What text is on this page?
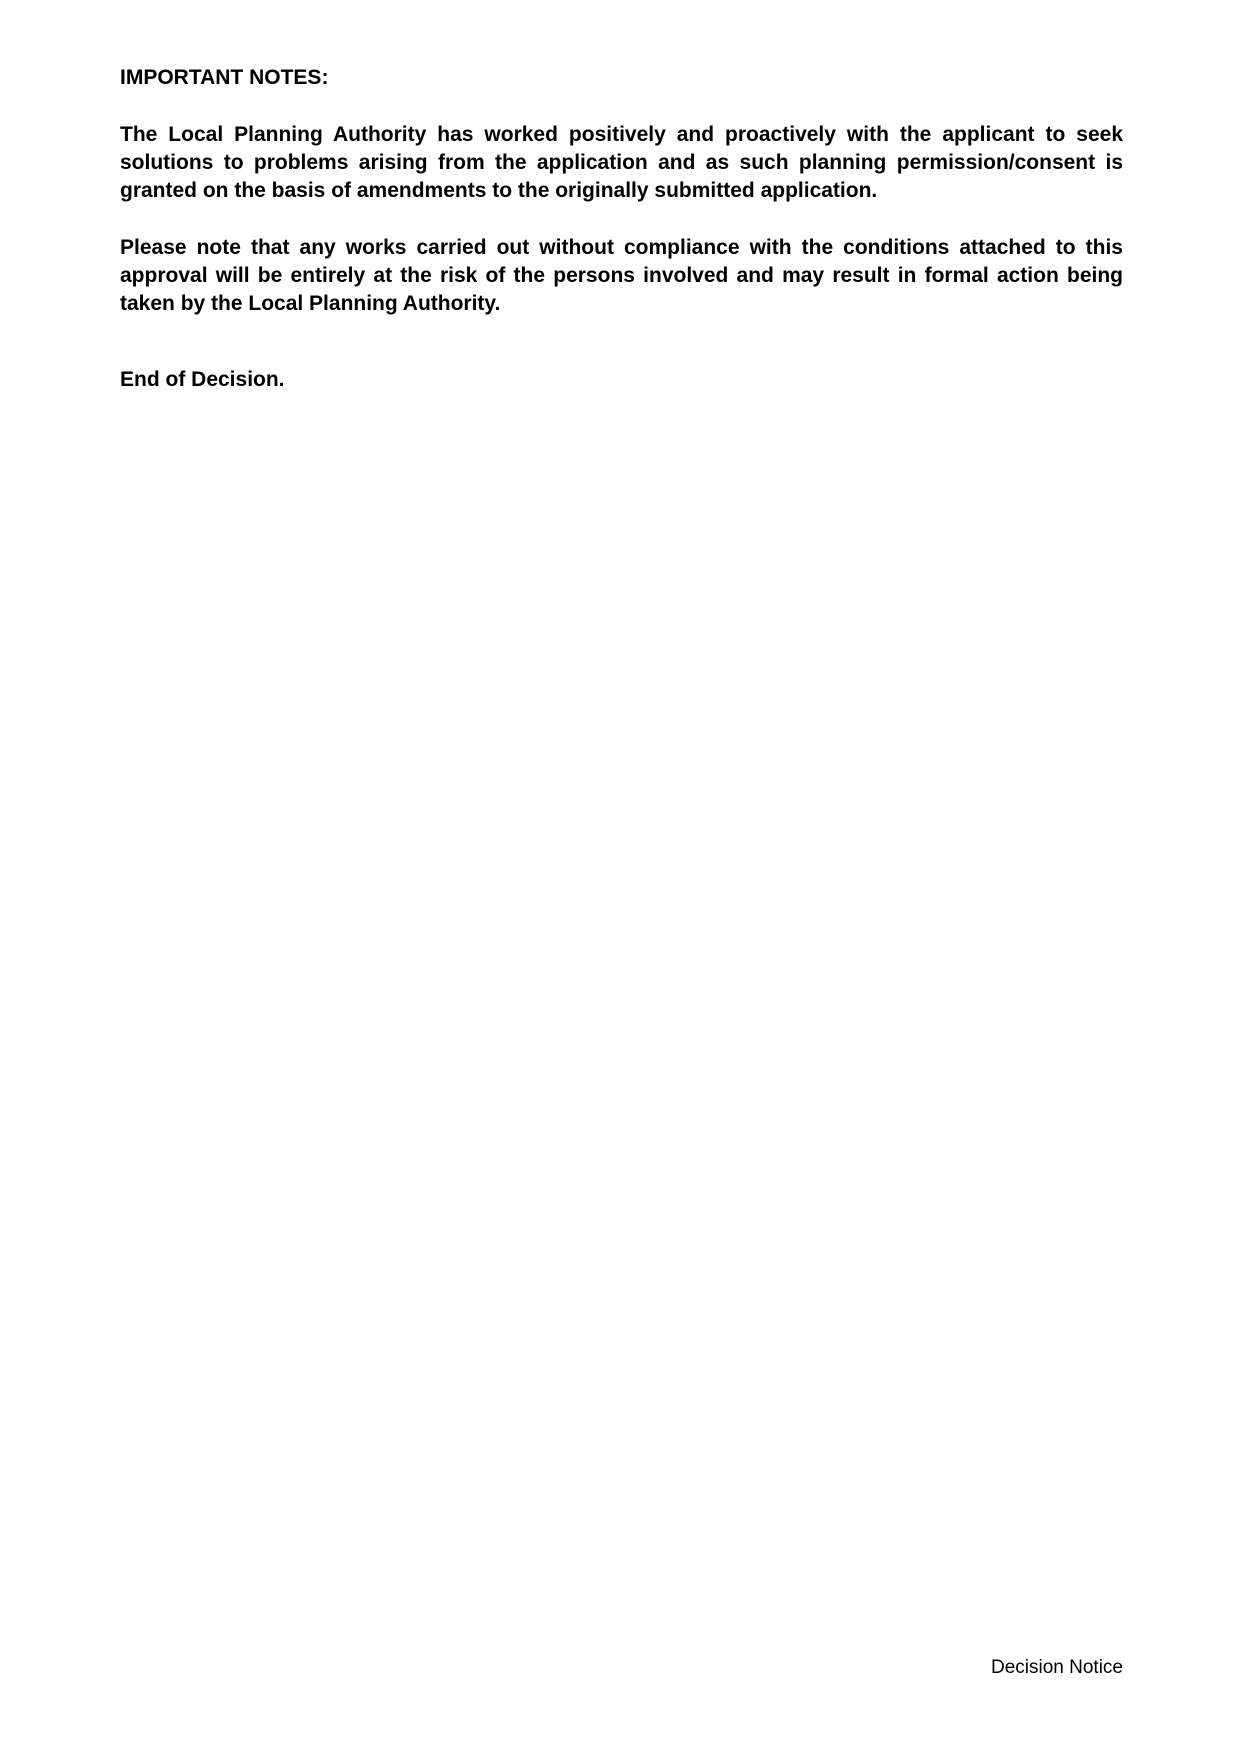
IMPORTANT NOTES:

The Local Planning Authority has worked positively and proactively with the applicant to seek solutions to problems arising from the application and as such planning permission/consent is granted on the basis of amendments to the originally submitted application.

Please note that any works carried out without compliance with the conditions attached to this approval will be entirely at the risk of the persons involved and may result in formal action being taken by the Local Planning Authority.

End of Decision.

Decision Notice
